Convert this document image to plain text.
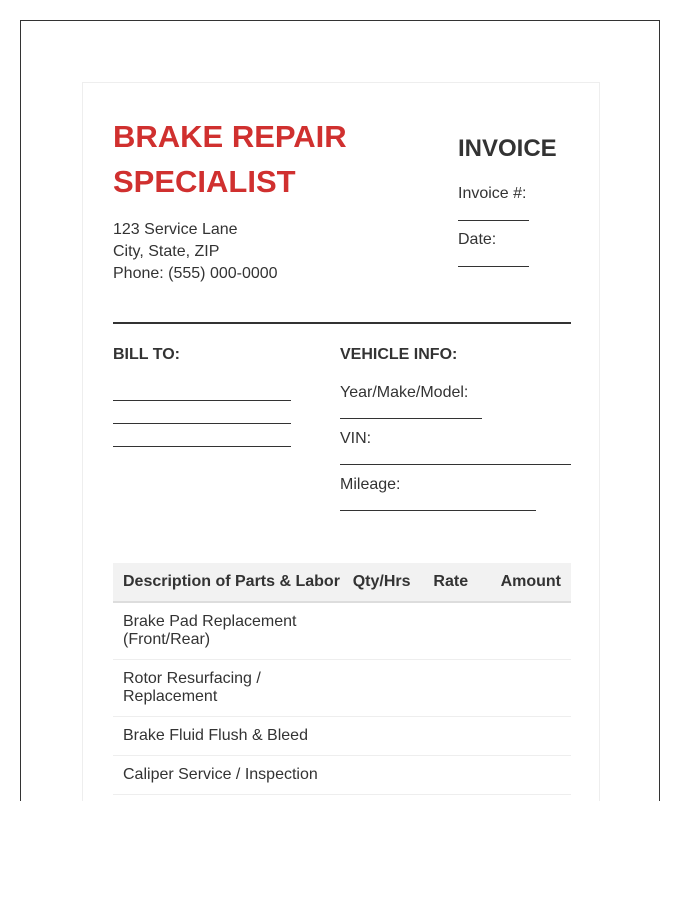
BRAKE REPAIR SPECIALIST
123 Service Lane
City, State, ZIP
Phone: (555) 000-0000
INVOICE

Invoice #:

Date:

BILL TO:	VEHICLE INFO:

Year/Make/Model:

VIN:

Mileage:

Description of Parts & Labor	Qty/Hrs	Rate	Amount
Brake Pad Replacement (Front/Rear)			
Rotor Resurfacing / Replacement			
Brake Fluid Flush & Bleed			
Caliper Service / Inspection			
